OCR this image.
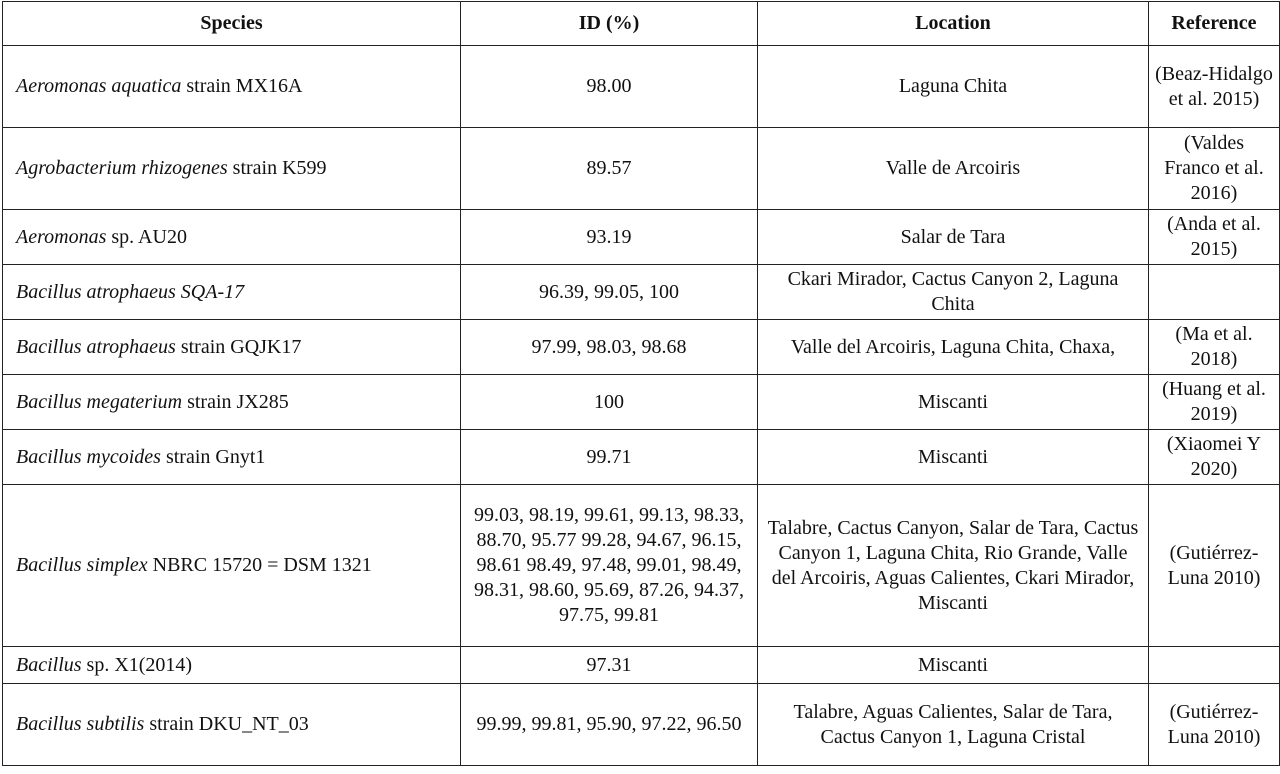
Species	ID (%)	Location	Reference
Aeromonas aquatica strain MX16A	98.00	Laguna Chita	(Beaz-Hidalgo et al. 2015)
Agrobacterium rhizogenes strain K599	89.57	Valle de Arcoiris	(Valdes Franco et al. 2016)
Aeromonas sp. AU20	93.19	Salar de Tara	(Anda et al. 2015)
Bacillus atrophaeus SQA-17	96.39, 99.05, 100	Ckari Mirador, Cactus Canyon 2, Laguna Chita	
Bacillus atrophaeus strain GQJK17	97.99, 98.03, 98.68	Valle del Arcoiris, Laguna Chita, Chaxa,	(Ma et al. 2018)
Bacillus megaterium strain JX285	100	Miscanti	(Huang et al. 2019)
Bacillus mycoides strain Gnyt1	99.71	Miscanti	(Xiaomei Y 2020)
Bacillus simplex NBRC 15720 = DSM 1321	99.03, 98.19, 99.61, 99.13, 98.33, 88.70, 95.77 99.28, 94.67, 96.15, 98.61 98.49, 97.48, 99.01, 98.49, 98.31, 98.60, 95.69, 87.26, 94.37, 97.75, 99.81	Talabre, Cactus Canyon, Salar de Tara, Cactus Canyon 1, Laguna Chita, Rio Grande, Valle del Arcoiris, Aguas Calientes, Ckari Mirador, Miscanti	(Gutiérrez-Luna 2010)
Bacillus sp. X1(2014)	97.31	Miscanti	
Bacillus subtilis strain DKU_NT_03	99.99, 99.81, 95.90, 97.22, 96.50	Talabre, Aguas Calientes, Salar de Tara, Cactus Canyon 1, Laguna Cristal	(Gutiérrez-Luna 2010)
